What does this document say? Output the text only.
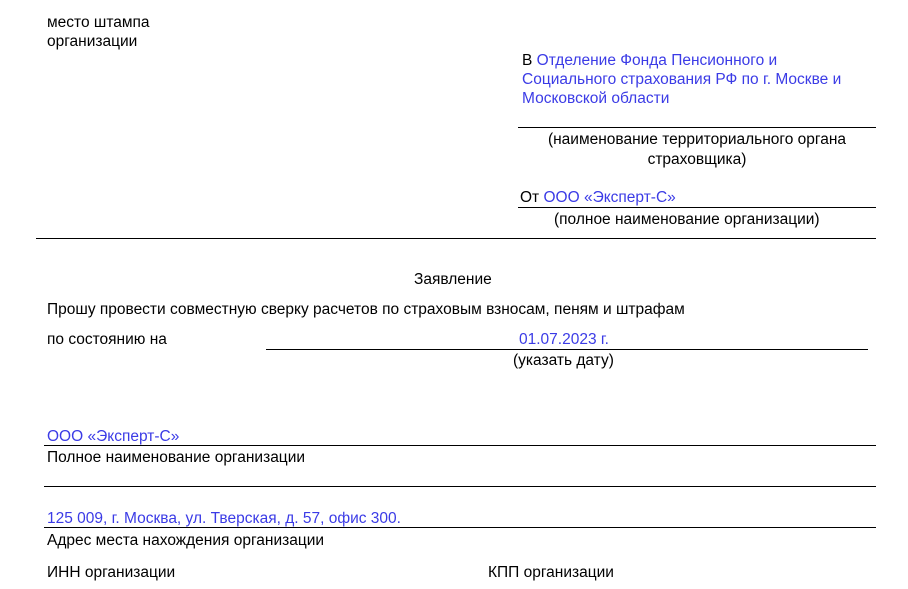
место штампа
организации
В Отделение Фонда Пенсионного и
Социального страхования РФ по г. Москве и
Московской области
(наименование территориального органа
страховщика)
От ООО «Эксперт-С»
(полное наименование организации)
Заявление
Прошу провести совместную сверку расчетов по страховым взносам, пеням и штрафам
по состоянию на	01.07.2023 г.
(указать дату)
ООО «Эксперт-С»
Полное наименование организации
125 009, г. Москва, ул. Тверская, д. 57, офис 300.
Адрес места нахождения организации
ИНН организации	КПП организации
